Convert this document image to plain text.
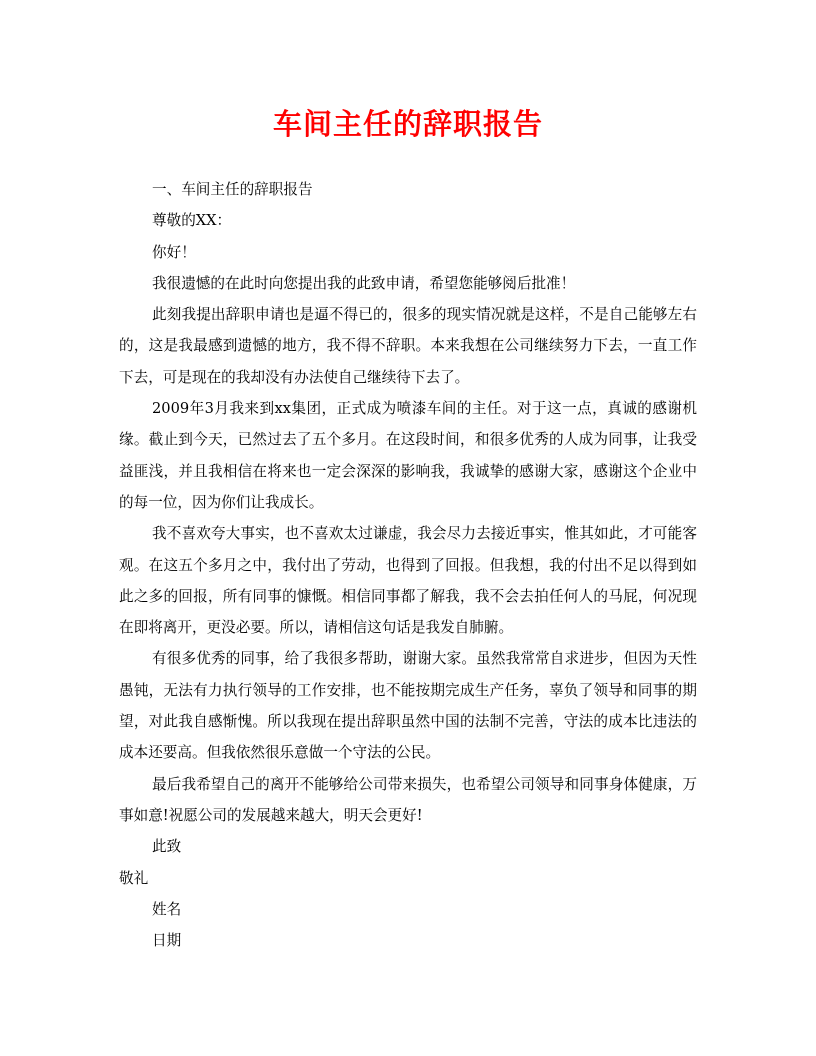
车间主任的辞职报告

一、车间主任的辞职报告

尊敬的XX：

你好！

我很遗憾的在此时向您提出我的此致申请，希望您能够阅后批准！

此刻我提出辞职申请也是逼不得已的，很多的现实情况就是这样，不是自己能够左右的，这是我最感到遗憾的地方，我不得不辞职。本来我想在公司继续努力下去，一直工作下去，可是现在的我却没有办法使自己继续待下去了。

2009年3月我来到xx集团，正式成为喷漆车间的主任。对于这一点，真诚的感谢机缘。截止到今天，已然过去了五个多月。在这段时间，和很多优秀的人成为同事，让我受益匪浅，并且我相信在将来也一定会深深的影响我，我诚挚的感谢大家，感谢这个企业中的每一位，因为你们让我成长。

我不喜欢夸大事实，也不喜欢太过谦虚，我会尽力去接近事实，惟其如此，才可能客观。在这五个多月之中，我付出了劳动，也得到了回报。但我想，我的付出不足以得到如此之多的回报，所有同事的慷慨。相信同事都了解我，我不会去拍任何人的马屁，何况现在即将离开，更没必要。所以，请相信这句话是我发自肺腑。

有很多优秀的同事，给了我很多帮助，谢谢大家。虽然我常常自求进步，但因为天性愚钝，无法有力执行领导的工作安排，也不能按期完成生产任务，辜负了领导和同事的期望，对此我自感惭愧。所以我现在提出辞职虽然中国的法制不完善，守法的成本比违法的成本还要高。但我依然很乐意做一个守法的公民。

最后我希望自己的离开不能够给公司带来损失，也希望公司领导和同事身体健康，万事如意!祝愿公司的发展越来越大，明天会更好!

此致

敬礼

姓名

日期
